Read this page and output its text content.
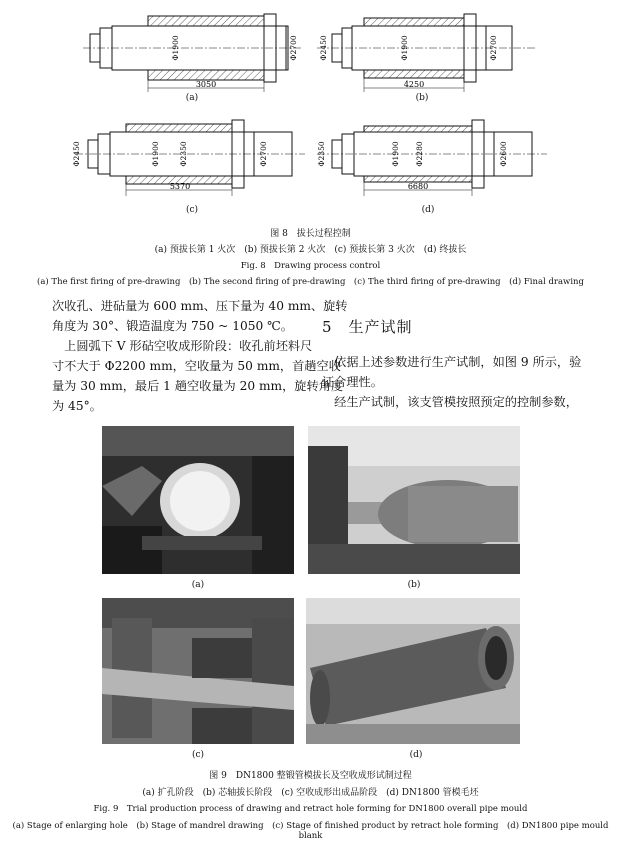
3050
Φ1900	Φ2700
(a)
4250
Φ2450	Φ1900	Φ2700
(b)
5370
Φ2450	Φ1900	Φ2350	Φ2700
(c)
6680
Φ2350	Φ1900 Φ2280	Φ2600
(d)
图 8　拔长过程控制
(a) 预拔长第 1 火次　(b) 预拔长第 2 火次　(c) 预拔长第 3 火次　(d) 终拔长
Fig. 8　Drawing process control
(a) The first firing of pre-drawing　(b) The second firing of pre-drawing　(c) The third firing of pre-drawing　(d) Final drawing
次收孔、进砧量为 600 mm、压下量为 40 mm、旋转
角度为 30°、锻造温度为 750 ~ 1050 ℃。
　上圆弧下 V 形砧空收成形阶段：收孔前坯料尺
寸不大于 Φ2200 mm，空收量为 50 mm，首趟空收
量为 30 mm，最后 1 趟空收量为 20 mm，旋转角度
为 45°。
5　生产试制
　依据上述参数进行生产试制，如图 9 所示，验
证合理性。
　经生产试制，该支管模按照预定的控制参数，
(a)	(b)
(c)	(d)
图 9　DN1800 整锻管模拔长及空收成形试制过程
(a) 扩孔阶段　(b) 芯轴拔长阶段　(c) 空收成形出成品阶段　(d) DN1800 管模毛坯
Fig. 9　Trial production process of drawing and retract hole forming for DN1800 overall pipe mould
(a) Stage of enlarging hole　(b) Stage of mandrel drawing　(c) Stage of finished product by retract hole forming　(d) DN1800 pipe mould blank
